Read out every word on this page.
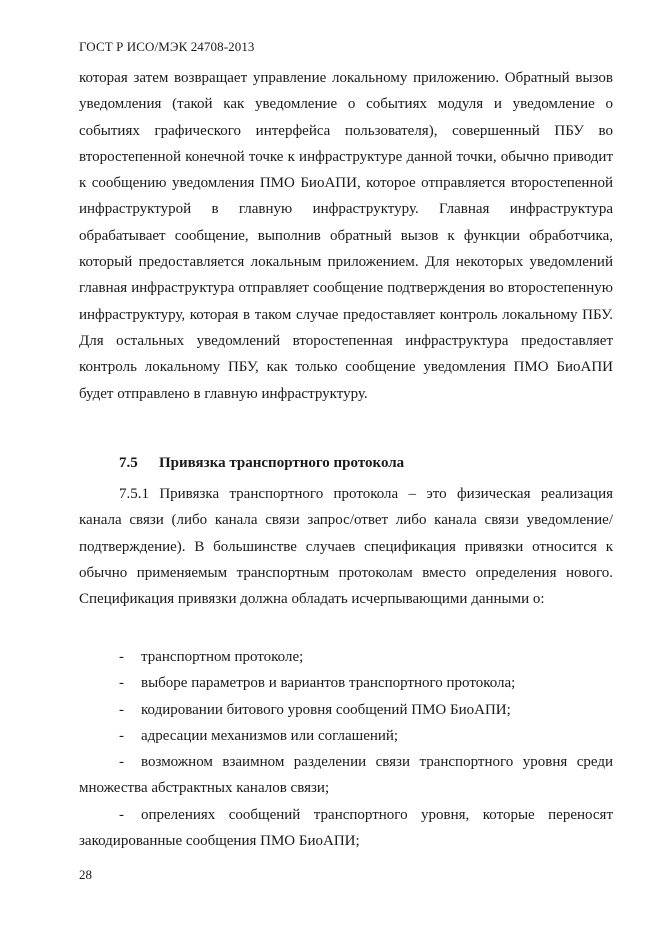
ГОСТ Р ИСО/МЭК 24708-2013

которая затем возвращает управление локальному приложению. Обратный вызов уведомления (такой как уведомление о событиях модуля и уведомление о событиях графического интерфейса пользователя), совершенный ПБУ во второстепенной конечной точке к инфраструктуре данной точки, обычно приводит к сообщению уведомления ПМО БиоАПИ, которое отправляется второстепенной инфраструктурой в главную инфраструктуру. Главная инфраструктура обрабатывает сообщение, выполнив обратный вызов к функции обработчика, который предоставляется локальным приложением. Для некоторых уведомлений главная инфраструктура отправляет сообщение подтверждения во второстепенную инфраструктуру, которая в таком случае предоставляет контроль локальному ПБУ. Для остальных уведомлений второстепенная инфраструктура предоставляет контроль локальному ПБУ, как только сообщение уведомления ПМО БиоАПИ будет отправлено в главную инфраструктуру.

7.5 Привязка транспортного протокола

7.5.1 Привязка транспортного протокола – это физическая реализация канала связи (либо канала связи запрос/ответ либо канала связи уведомление/подтверждение). В большинстве случаев спецификация привязки относится к обычно применяемым транспортным протоколам вместо определения нового. Спецификация привязки должна обладать исчерпывающими данными о:

- транспортном протоколе;

- выборе параметров и вариантов транспортного протокола;

- кодировании битового уровня сообщений ПМО БиоАПИ;

- адресации механизмов или соглашений;

- возможном взаимном разделении связи транспортного уровня среди множества абстрактных каналов связи;

- опрелениях сообщений транспортного уровня, которые переносят закодированные сообщения ПМО БиоАПИ;

28
